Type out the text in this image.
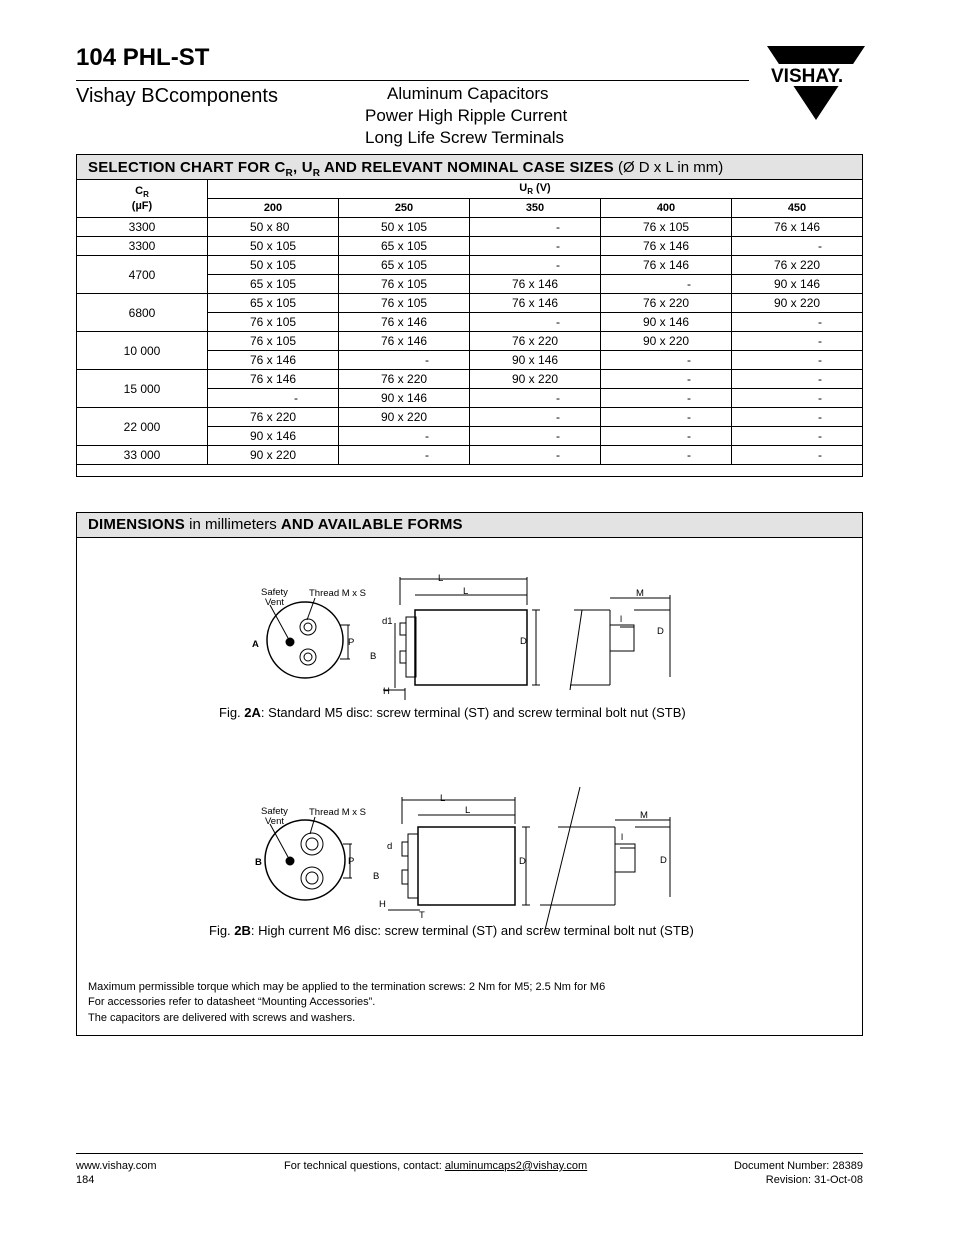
104 PHL-ST
Vishay BCcomponents	Aluminum Capacitors
Power High Ripple Current
Long Life Screw Terminals
VISHAY.
SELECTION CHART FOR $C_R$, $U_R$ AND RELEVANT NOMINAL CASE SIZES (Ø D x L in mm)
$C_R$
(µF)	$U_R$ (V)				
	200	250	350	400	450
3300	50 x 80	50 x 105	-	76 x 105	76 x 146
3300	50 x 105	65 x 105	-	76 x 146	-
4700	50 x 105	65 x 105	-	76 x 146	76 x 220
	65 x 105	76 x 105	76 x 146	-	90 x 146
6800	65 x 105	76 x 105	76 x 146	76 x 220	90 x 220
	76 x 105	76 x 146	-	90 x 146	-
10 000	76 x 105	76 x 146	76 x 220	90 x 220	-
	76 x 146	-	90 x 146	-	-
15 000	76 x 146	76 x 220	90 x 220	-	-
	-	90 x 146	-	-	-
22 000	76 x 220	90 x 220	-	-	-
	90 x 146	-	-	-	-
33 000	90 x 220	-	-	-	-
DIMENSIONS in millimeters AND AVAILABLE FORMS
Safety
Vent
Thread M x S
A	P
d1
B
H
L
L
D
M
l
D
Fig. 2A: Standard M5 disc: screw terminal (ST) and screw terminal bolt nut (STB)
Safety
Vent
Thread M x S
B	P
d
B
H
T
L
L
D
M
l
D
Fig. 2B: High current M6 disc: screw terminal (ST) and screw terminal bolt nut (STB)
Maximum permissible torque which may be applied to the termination screws: 2 Nm for M5; 2.5 Nm for M6
For accessories refer to datasheet “Mounting Accessories”.
The capacitors are delivered with screws and washers.
www.vishay.com
184
For technical questions, contact: aluminumcaps2@vishay.com	Document Number: 28389
Revision: 31-Oct-08
